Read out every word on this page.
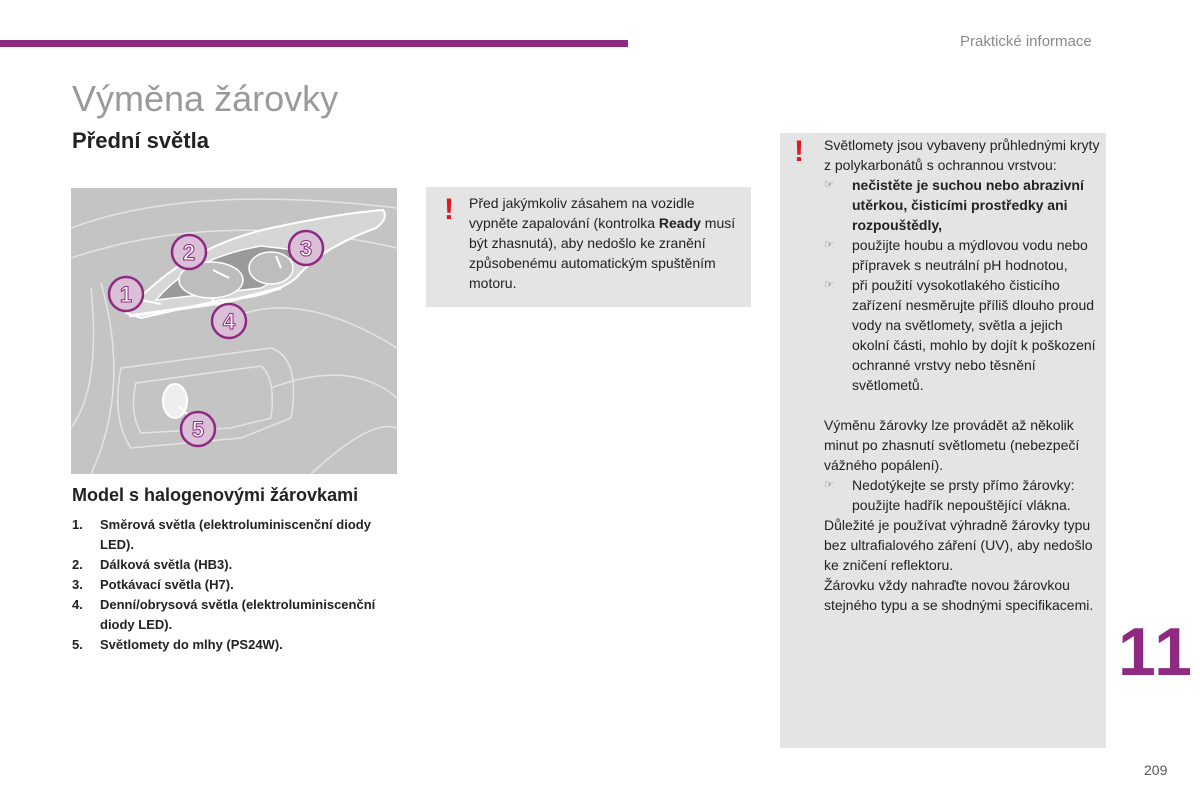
Praktické informace
Výměna žárovky
Přední světla
2	3
1
4
5
Model s halogenovými žárovkami
1.	Směrová světla (elektroluminiscenční diody LED).
2.	Dálková světla (HB3).
3.	Potkávací světla (H7).
4.	Denní/obrysová světla (elektroluminiscenční diody LED).
5.	Světlomety do mlhy (PS24W).
! Před jakýmkoliv zásahem na vozidle vypněte zapalování (kontrolka Ready musí být zhasnutá), aby nedošlo ke zranění způsobenému automatickým spuštěním motoru.
! Světlomety jsou vybaveny průhlednými kryty z polykarbonátů s ochrannou vrstvou:

☞	nečistěte je suchou nebo abrazivní utěrkou, čisticími prostředky ani rozpouštědly,
☞	použijte houbu a mýdlovou vodu nebo přípravek s neutrální pH hodnotou,
☞	při použití vysokotlakého čisticího zařízení nesměrujte příliš dlouho proud vody na světlomety, světla a jejich okolní části, mohlo by dojít k poškození ochranné vrstvy nebo těsnění světlometů.

Výměnu žárovky lze provádět až několik minut po zhasnutí světlometu (nebezpečí vážného popálení).

☞	Nedotýkejte se prsty přímo žárovky: použijte hadřík nepouštějící vlákna.

Důležité je používat výhradně žárovky typu bez ultrafialového záření (UV), aby nedošlo ke zničení reflektoru.

Žárovku vždy nahraďte novou žárovkou stejného typu a se shodnými specifikacemi.

11
209
